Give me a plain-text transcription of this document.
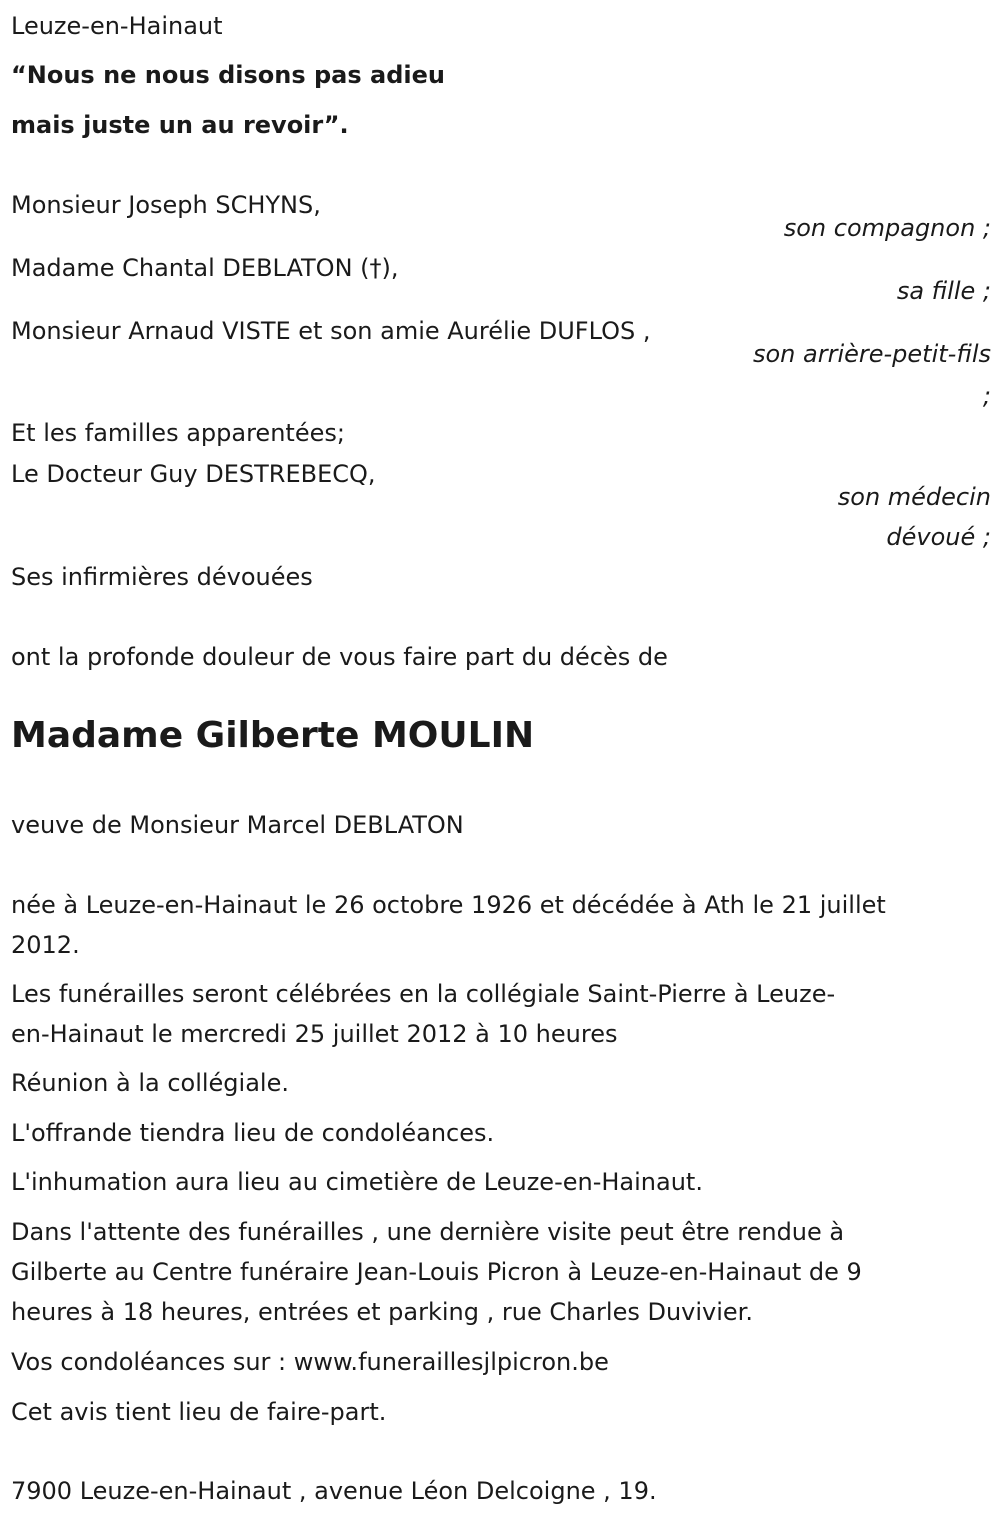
Leuze-en-Hainaut
“Nous ne nous disons pas adieu
mais juste un au revoir”.
Monsieur Joseph SCHYNS,
son compagnon ;
Madame Chantal DEBLATON (†),
sa fille ;
Monsieur Arnaud VISTE et son amie Aurélie DUFLOS ,
son arrière-petit-fils
;
Et les familles apparentées;
Le Docteur Guy DESTREBECQ,
son médecin
dévoué ;
Ses infirmières dévouées
ont la profonde douleur de vous faire part du décès de
Madame Gilberte MOULIN
veuve de Monsieur Marcel DEBLATON
née à Leuze-en-Hainaut le 26 octobre 1926 et décédée à Ath le 21 juillet
2012.
Les funérailles seront célébrées en la collégiale Saint-Pierre à Leuze-
en-Hainaut le mercredi 25 juillet 2012 à 10 heures
Réunion à la collégiale.
L'offrande tiendra lieu de condoléances.
L'inhumation aura lieu au cimetière de Leuze-en-Hainaut.
Dans l'attente des funérailles , une dernière visite peut être rendue à
Gilberte au Centre funéraire Jean-Louis Picron à Leuze-en-Hainaut de 9
heures à 18 heures, entrées et parking , rue Charles Duvivier.
Vos condoléances sur : www.funeraillesjlpicron.be
Cet avis tient lieu de faire-part.
7900 Leuze-en-Hainaut , avenue Léon Delcoigne , 19.
